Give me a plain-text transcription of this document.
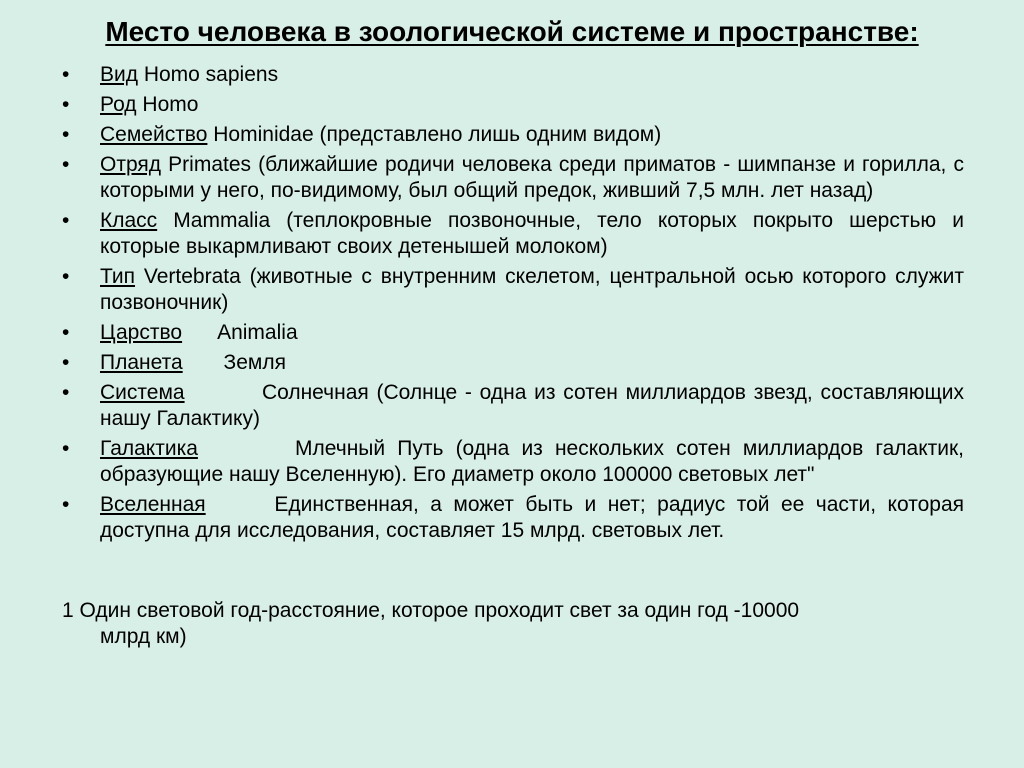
Место человека в зоологической системе и пространстве:
•	Вид Homo sapiens
•	Род Homo
•	Семейство Hominidae (представлено лишь одним видом)
•	Отряд Primates (ближайшие родичи человека среди приматов - шимпанзе и горилла, с которыми у него, по-видимому, был общий предок, живший 7,5 млн. лет назад)
•	Класс Mammalia (теплокровные позвоночные, тело которых покрыто шерстью и которые выкармливают своих детенышей молоком)
•	Тип Vertebrata (животные с внутренним скелетом, центральной осью которого служит позвоночник)
•	Царство      Animalia
•	Планета       Земля
•	Система          Солнечная (Солнце - одна из сотен миллиардов звезд, составляющих нашу Галактику)
•	Галактика        Млечный Путь (одна из нескольких сотен миллиардов галактик, образующие нашу Вселенную). Его диаметр около 100000 световых лет"
•	Вселенная      Единственная, а может быть и нет; радиус той ее части, которая доступна для исследования, составляет 15 млрд. световых лет.
1 Один световой год-расстояние, которое проходит свет за один год -10000
млрд км)
